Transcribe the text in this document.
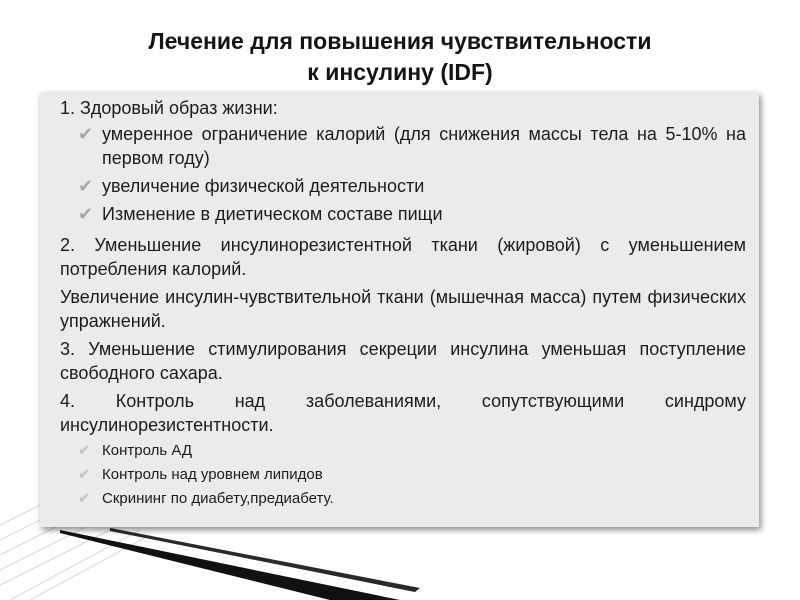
Лечение для повышения чувствительности
к инсулину (IDF)
1. Здоровый образ жизни:
✔ умеренное ограничение калорий (для снижения массы тела на 5-10% на первом году)
✔ увеличение физической деятельности
✔ Изменение в диетическом составе пищи
2. Уменьшение инсулинорезистентной ткани (жировой) с уменьшением потребления калорий.
Увеличение инсулин-чувствительной ткани (мышечная масса) путем физических упражнений.
3. Уменьшение стимулирования секреции инсулина уменьшая поступление свободного сахара.
4. Контроль над заболеваниями, сопутствующими синдрому инсулинорезистентности.
✔ Контроль АД
✔ Контроль над уровнем липидов
✔ Скрининг по диабету,предиабету.
